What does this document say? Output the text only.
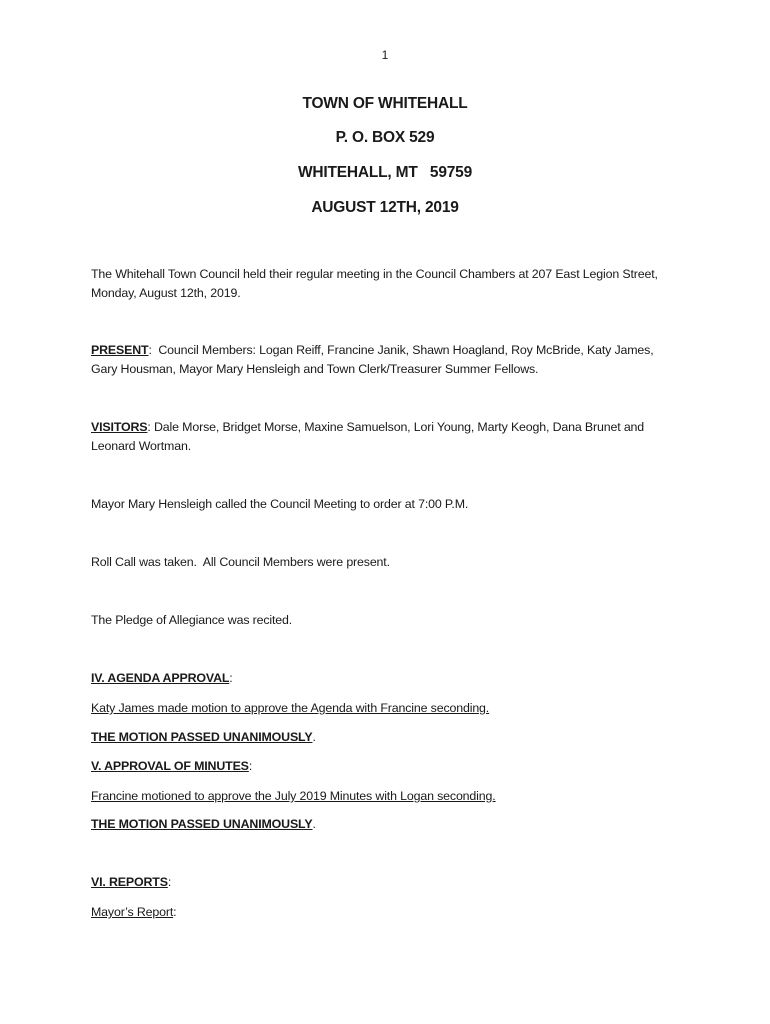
1
TOWN OF WHITEHALL
P. O. BOX 529
WHITEHALL, MT   59759
AUGUST 12TH, 2019
The Whitehall Town Council held their regular meeting in the Council Chambers at 207 East Legion Street, Monday, August 12th, 2019.
PRESENT:  Council Members: Logan Reiff, Francine Janik, Shawn Hoagland, Roy McBride, Katy James, Gary Housman, Mayor Mary Hensleigh and Town Clerk/Treasurer Summer Fellows.
VISITORS: Dale Morse, Bridget Morse, Maxine Samuelson, Lori Young, Marty Keogh, Dana Brunet and Leonard Wortman.
Mayor Mary Hensleigh called the Council Meeting to order at 7:00 P.M.
Roll Call was taken.  All Council Members were present.
The Pledge of Allegiance was recited.
IV. AGENDA APPROVAL:
Katy James made motion to approve the Agenda with Francine seconding.
THE MOTION PASSED UNANIMOUSLY.
V. APPROVAL OF MINUTES:
Francine motioned to approve the July 2019 Minutes with Logan seconding.
THE MOTION PASSED UNANIMOUSLY.
VI. REPORTS:
Mayor’s Report:
